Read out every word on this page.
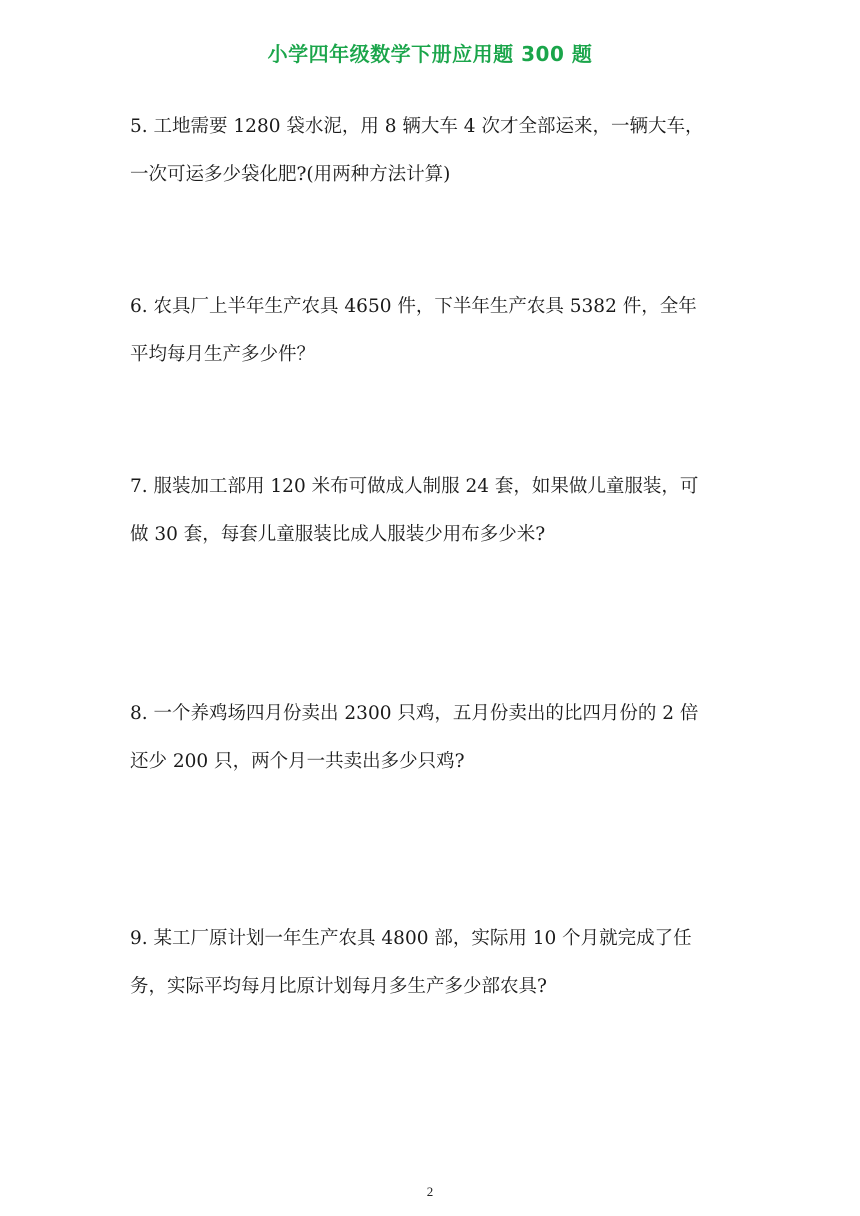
小学四年级数学下册应用题 300 题
5. 工地需要 1280 袋水泥，用 8 辆大车 4 次才全部运来，一辆大车，
一次可运多少袋化肥?(用两种方法计算)
6. 农具厂上半年生产农具 4650 件，下半年生产农具 5382 件，全年
平均每月生产多少件？
7. 服装加工部用 120 米布可做成人制服 24 套，如果做儿童服装，可
做 30 套，每套儿童服装比成人服装少用布多少米?
8. 一个养鸡场四月份卖出 2300 只鸡，五月份卖出的比四月份的 2 倍
还少 200 只，两个月一共卖出多少只鸡?
9. 某工厂原计划一年生产农具 4800 部，实际用 10 个月就完成了任
务，实际平均每月比原计划每月多生产多少部农具?
2
